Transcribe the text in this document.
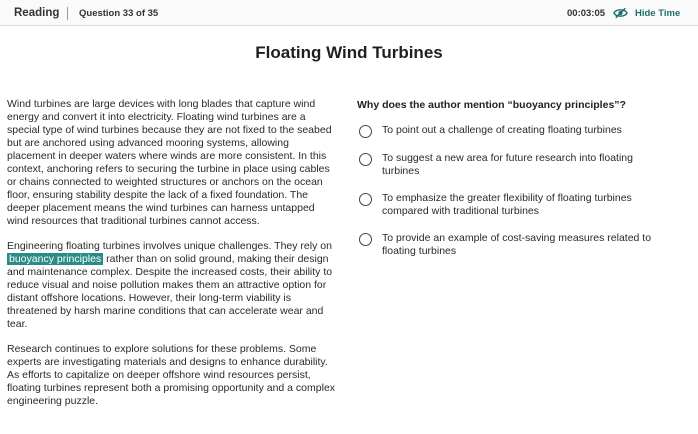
Reading Question 33 of 35	00:03:05	Hide Time
Floating Wind Turbines

Wind turbines are large devices with long blades that capture wind energy and convert it into electricity. Floating wind turbines are a special type of wind turbines because they are not fixed to the seabed but are anchored using advanced mooring systems, allowing placement in deeper waters where winds are more consistent. In this context, anchoring refers to securing the turbine in place using cables or chains connected to weighted structures or anchors on the ocean floor, ensuring stability despite the lack of a fixed foundation. The deeper placement means the wind turbines can harness untapped wind resources that traditional turbines cannot access.

Engineering floating turbines involves unique challenges. They rely on buoyancy principles rather than on solid ground, making their design and maintenance complex. Despite the increased costs, their ability to reduce visual and noise pollution makes them an attractive option for distant offshore locations. However, their long-term viability is threatened by harsh marine conditions that can accelerate wear and tear.

Research continues to explore solutions for these problems. Some experts are investigating materials and designs to enhance durability. As efforts to capitalize on deeper offshore wind resources persist, floating turbines represent both a promising opportunity and a complex engineering puzzle.

Why does the author mention “buoyancy principles”?
To point out a challenge of creating floating turbines
To suggest a new area for future research into floating turbines
To emphasize the greater flexibility of floating turbines compared with traditional turbines
To provide an example of cost-saving measures related to floating turbines
